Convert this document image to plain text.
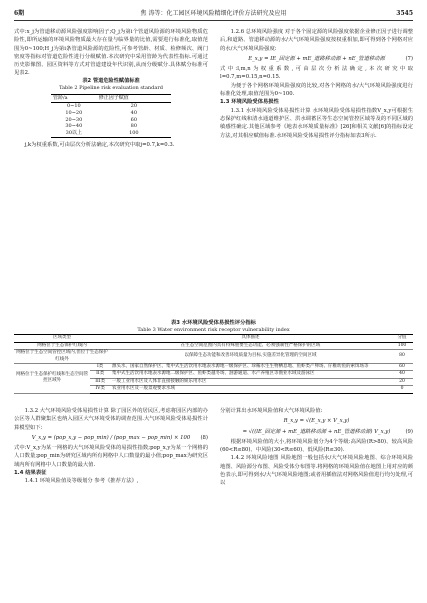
6期	焦 涛等：化工园区环境风险精细化评价方法研究及应用	3545

式中:x_j为管道移动源风险强度影响因子;Q_j为第i个管道风险源的环境风险物质危险性,即所运输的环境风险物质最大存在量与临界量的比值,需要进行标准化,取值范围为0~100;H_j为第i条管道风险源的危险性,可参考管龄、材质、检修频次、阀门密度等指标对管道危险性进行分级赋值.本次研究中采用管龄为代表性指标.可通过历史影像图、园区资料等方式对管道建设年代识别,从而分级赋分.具体赋分标准可见表2.

表2 管道危险性赋值标准

Table 2 Pipeline risk evaluation standard

管龄/a	修正因子赋值
0~10	20
10~20	40
20~30	60
30~40	80
30以上	100

j,k为权重系数,可由层次分析法确定,本次研究中取j=0.7,k=0.3.

1.2.6 总环境风险强度 对于各个固定源的风险强度依据企业修正因子进行调整后,和道路、管道移动源的水/大气环境风险强度按权重相加,即可得到各个网格对应的水/大气环境风险强度:

E_x,y = IE_固定源 + mE_道路移动源 + nE_管道移动源	(7)

式中:l,m,n为权重系数,可由层次分析法确定,本次研究中取l=0.7,m=0.15,n=0.15.

为便于各个网格环境风险强度的比较,对各个网格的水/大气环境风险强度进行标准化处理,取值范围为0~100.

1.3 环境风险受体易损性

1.3.1 水环境风险受体易损性计算 水环境风险受体易损性指数V_x,y可根据生态保护红线和清水通道维护区、洪水调蓄区等生态空间管控区域等及的不同区域的敏感性确定.其他区域参考《地表水环境质量标准》[26]和相关文献[6]的指标设定方法,对其相应赋值标准.水环境风险受体易损性评分指标如表3所示.

表3 水环境风险受体易损性评分指标
Table 3 Water environment risk receptor vulnerability index
区域类型		具体描述	分值
网格位于生态保护红线内		在生态空间范围内具有特殊重要生态功能、必须强制性严格保护的区域	100
网格位于生态空间管控区域内,但位于生态保护红线外		以保障生态功能和改善环境质量为目标,实施差异化管理的空间区域	80
网格位于生态保护红线和生态空间管控区域外	I类	源头水、国家自然保护区、集中式生活饮用水地表水源地一级保护区、珍稀水生生物栖息地、鱼虾类产卵场、仔稚幼鱼的索饵场等	60
	II类	集中式生活饮用水地表水源地二级保护区、鱼虾类越冬场、洄游通道、水产养殖区等渔业水域及游泳区	40
	III类	一般工业用水区及人体非直接接触的娱乐用水区	20
	IV类	农业用水区及一般景观要求水域	0

1.3.2 大气环境风险受体易损性计算 除了园区外的居民区,考虑将园区内部的办公区等人群聚集区也纳入园区大气环境受体的调查范围.大气环境风险受体易损性计算模型如下:

V_x,y = (pop_x,y − pop_min) / (pop_max − pop_min) × 100 (8)

式中:V_x,y为某一网格的大气环境风险受体的易损性指数;pop_x,y为某一个网格的人口数量;pop_min为研究区域内所有网格中人口数量的最小值;pop_max为研究区域内所有网格中人口数量的最大值.

1.4 结果表征

1.4.1 环境风险值及等级划分 参考《推荐方法》,

分别计算出水环境风险值和大气环境风险值:

R_x,y = √(E_x,y × V_x,y)

= √((lE_固定源 + mE_道路移动源 + nE_管道移动源) V_x,y)	(9)

根据环境风险值的大小,将环境风险划分为4个等级:高风险(R>80)、较高风险(60<R≤80)、中风险(30<R≤60)、低风险(R≤30).

1.4.2 环境风险地图 风险地图一般包括水/大气环境风险地图、综合环境风险地图、风险源分布图、风险受体分布图等.将网格的环境风险值在地图上用对应的颜色表示,即可得到水/大气环境风险地图;或者用插值法对网格风险值进行均匀处理,可以
